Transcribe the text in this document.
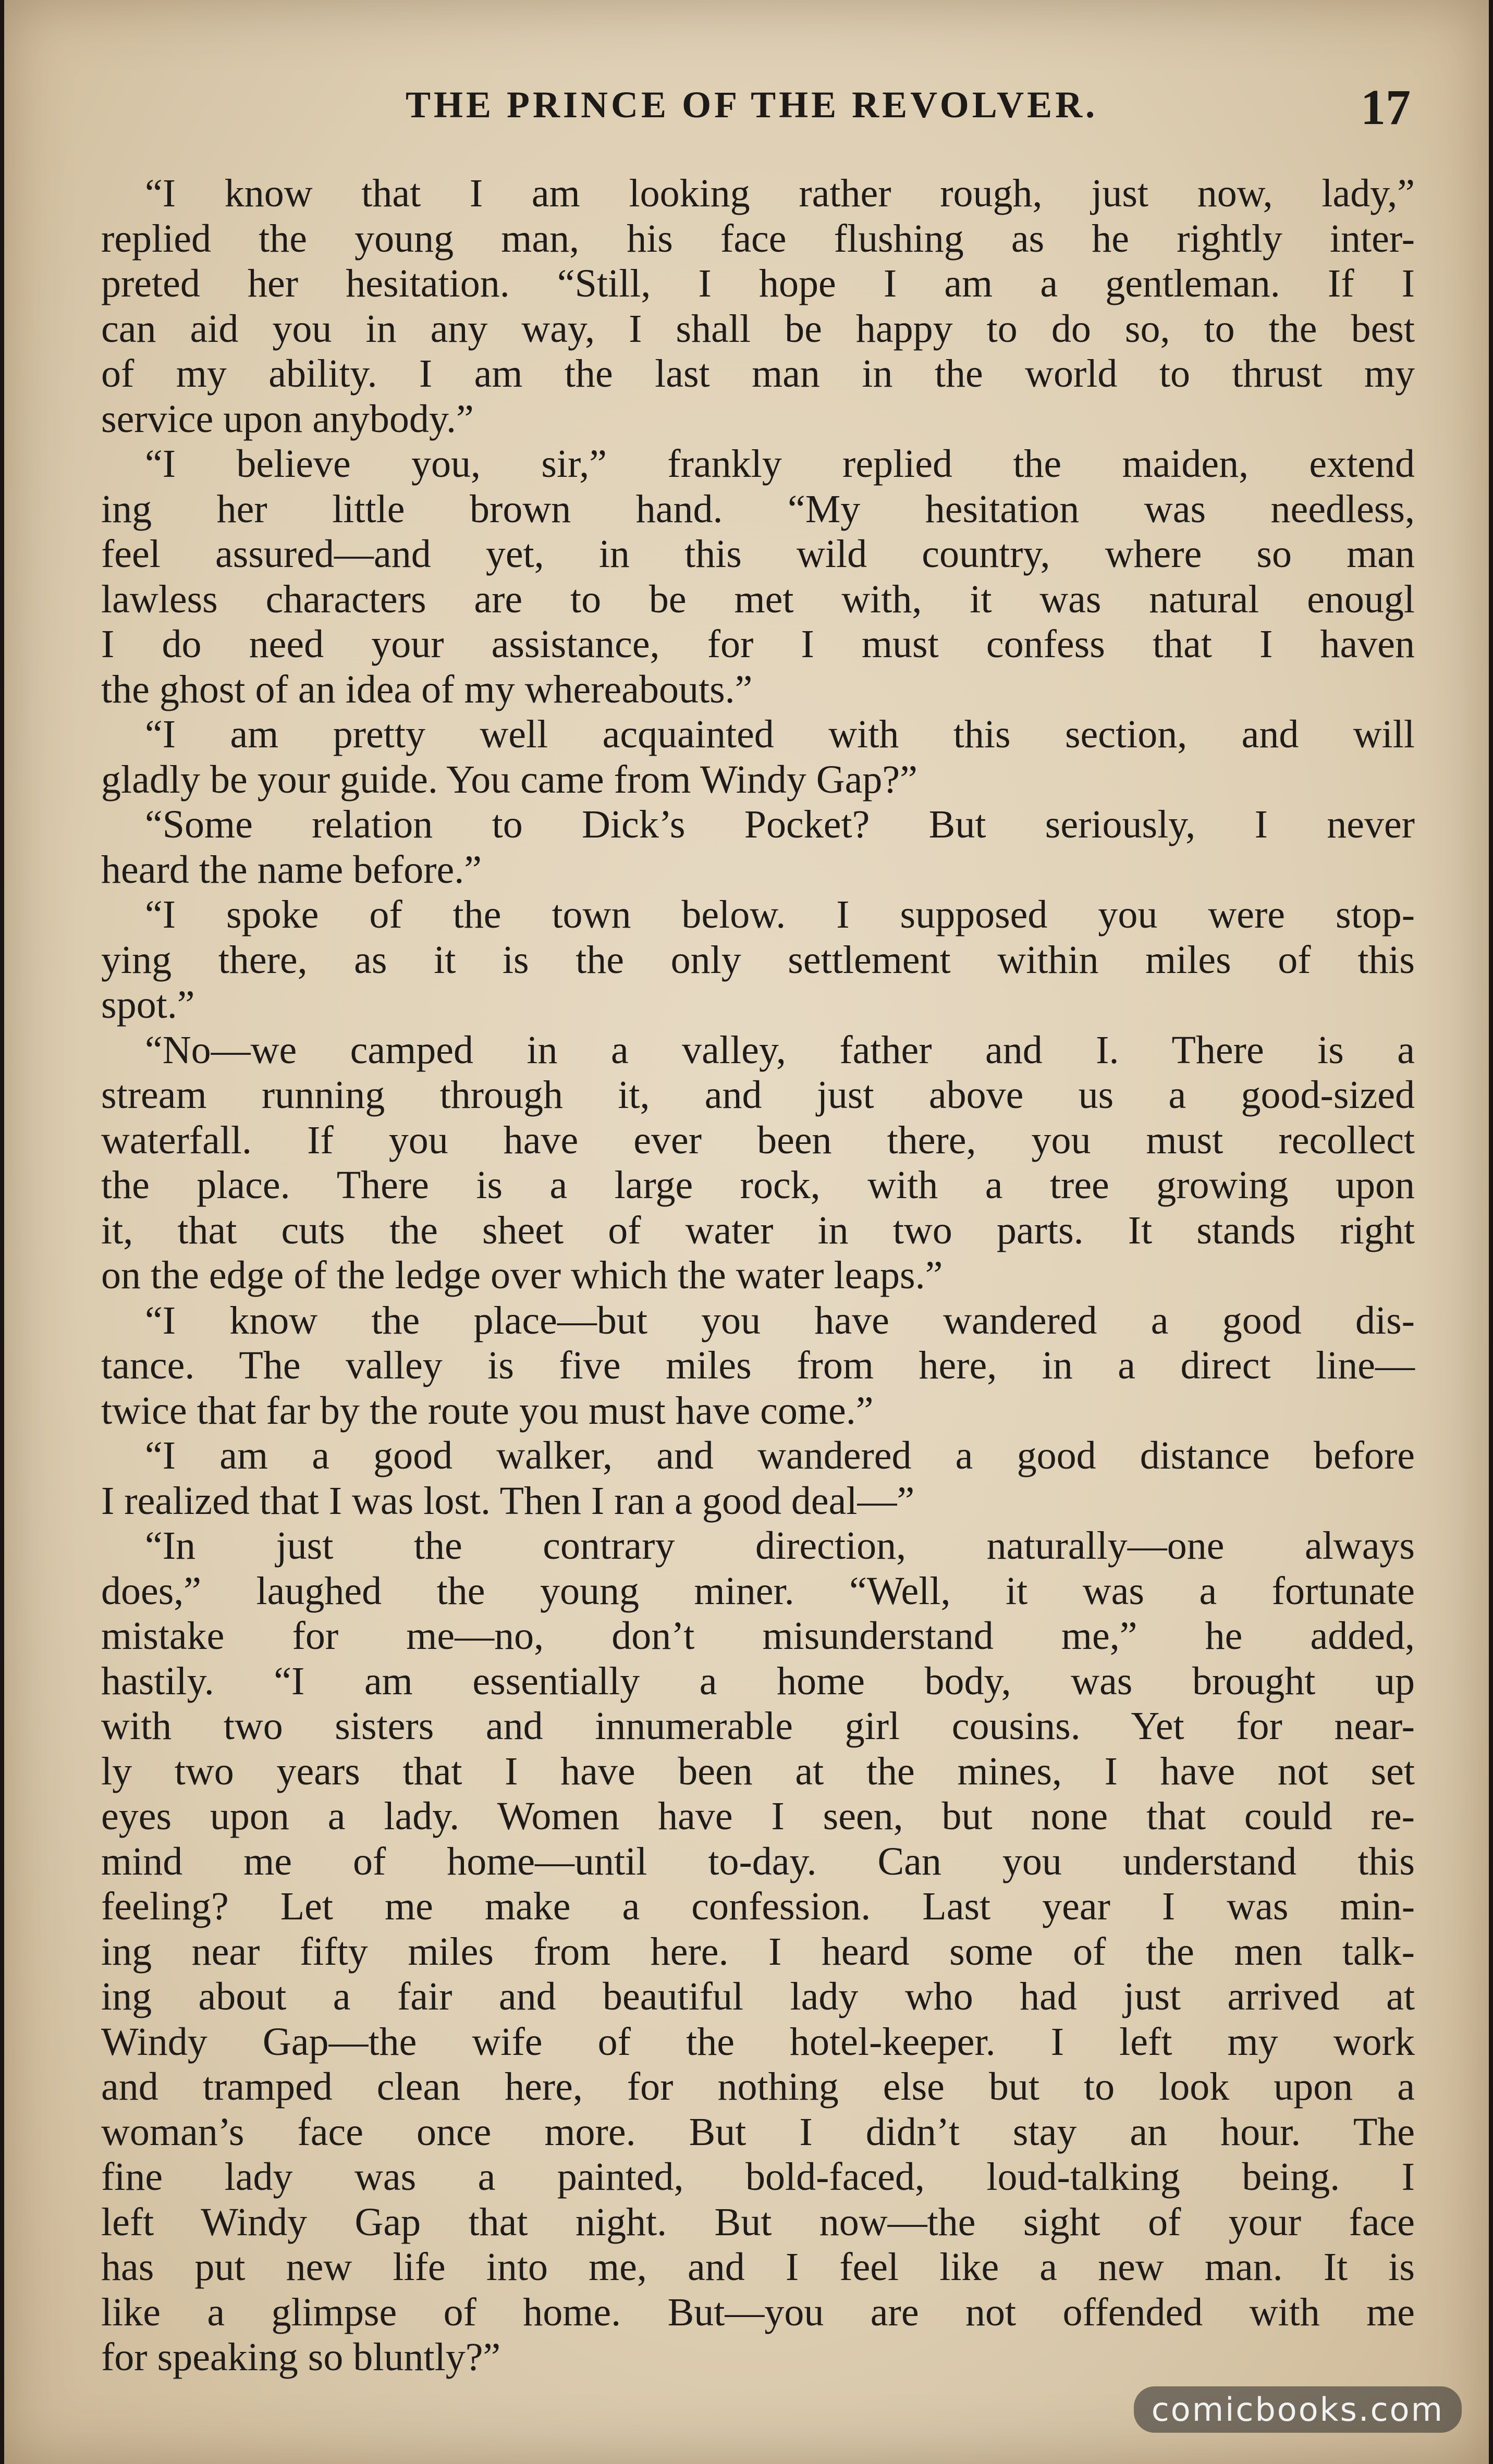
THE PRINCE OF THE REVOLVER.	17
“I know that I am looking rather rough, just now, lady,”
replied the young man, his face flushing as he rightly inter-
preted her hesitation. “Still, I hope I am a gentleman. If I
can aid you in any way, I shall be happy to do so, to the best
of my ability. I am the last man in the world to thrust my
service upon anybody.”
“I believe you, sir,” frankly replied the maiden, extend
ing her little brown hand. “My hesitation was needless,
feel assured—and yet, in this wild country, where so man
lawless characters are to be met with, it was natural enougl
I do need your assistance, for I must confess that I haven
the ghost of an idea of my whereabouts.”
“I am pretty well acquainted with this section, and will
gladly be your guide. You came from Windy Gap?”
“Some relation to Dick’s Pocket? But seriously, I never
heard the name before.”
“I spoke of the town below. I supposed you were stop-
ying there, as it is the only settlement within miles of this
spot.”
“No—we camped in a valley, father and I. There is a
stream running through it, and just above us a good-sized
waterfall. If you have ever been there, you must recollect
the place. There is a large rock, with a tree growing upon
it, that cuts the sheet of water in two parts. It stands right
on the edge of the ledge over which the water leaps.”
“I know the place—but you have wandered a good dis-
tance. The valley is five miles from here, in a direct line—
twice that far by the route you must have come.”
“I am a good walker, and wandered a good distance before
I realized that I was lost. Then I ran a good deal—”
“In just the contrary direction, naturally—one always
does,” laughed the young miner. “Well, it was a fortunate
mistake for me—no, don’t misunderstand me,” he added,
hastily. “I am essentially a home body, was brought up
with two sisters and innumerable girl cousins. Yet for near-
ly two years that I have been at the mines, I have not set
eyes upon a lady. Women have I seen, but none that could re-
mind me of home—until to-day. Can you understand this
feeling? Let me make a confession. Last year I was min-
ing near fifty miles from here. I heard some of the men talk-
ing about a fair and beautiful lady who had just arrived at
Windy Gap—the wife of the hotel-keeper. I left my work
and tramped clean here, for nothing else but to look upon a
woman’s face once more. But I didn’t stay an hour. The
fine lady was a painted, bold-faced, loud-talking being. I
left Windy Gap that night. But now—the sight of your face
has put new life into me, and I feel like a new man. It is
like a glimpse of home. But—you are not offended with me
for speaking so bluntly?”
comicbooks.com
